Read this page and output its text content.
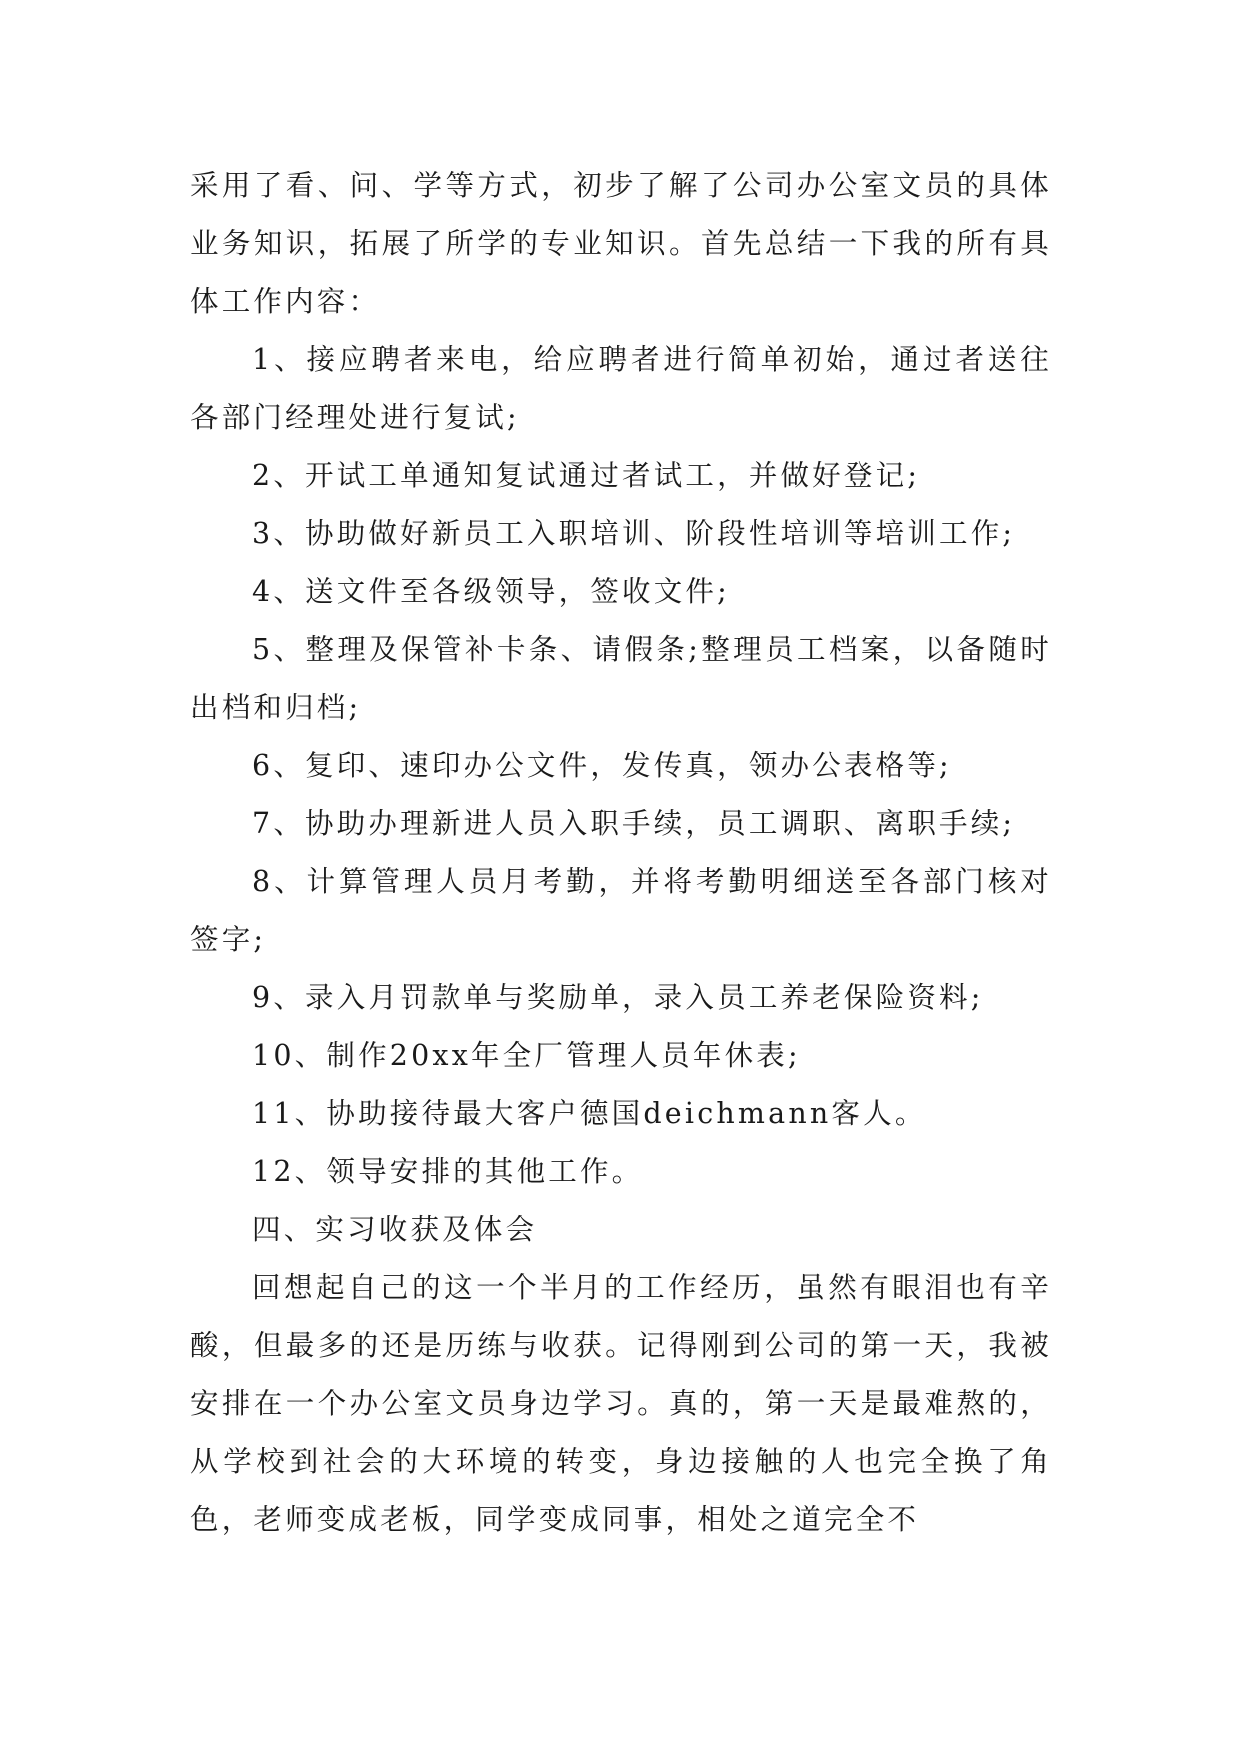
采用了看、问、学等方式，初步了解了公司办公室文员的具体业务知识，拓展了所学的专业知识。首先总结一下我的所有具体工作内容：

1、接应聘者来电，给应聘者进行简单初始，通过者送往各部门经理处进行复试;

2、开试工单通知复试通过者试工，并做好登记;

3、协助做好新员工入职培训、阶段性培训等培训工作;

4、送文件至各级领导，签收文件;

5、整理及保管补卡条、请假条;整理员工档案，以备随时出档和归档;

6、复印、速印办公文件，发传真，领办公表格等;

7、协助办理新进人员入职手续，员工调职、离职手续;

8、计算管理人员月考勤，并将考勤明细送至各部门核对签字;

9、录入月罚款单与奖励单，录入员工养老保险资料;

10、制作20xx年全厂管理人员年休表;

11、协助接待最大客户德国deichmann客人。

12、领导安排的其他工作。

四、实习收获及体会

回想起自己的这一个半月的工作经历，虽然有眼泪也有辛酸，但最多的还是历练与收获。记得刚到公司的第一天，我被安排在一个办公室文员身边学习。真的，第一天是最难熬的，从学校到社会的大环境的转变，身边接触的人也完全换了角色，老师变成老板，同学变成同事，相处之道完全不
